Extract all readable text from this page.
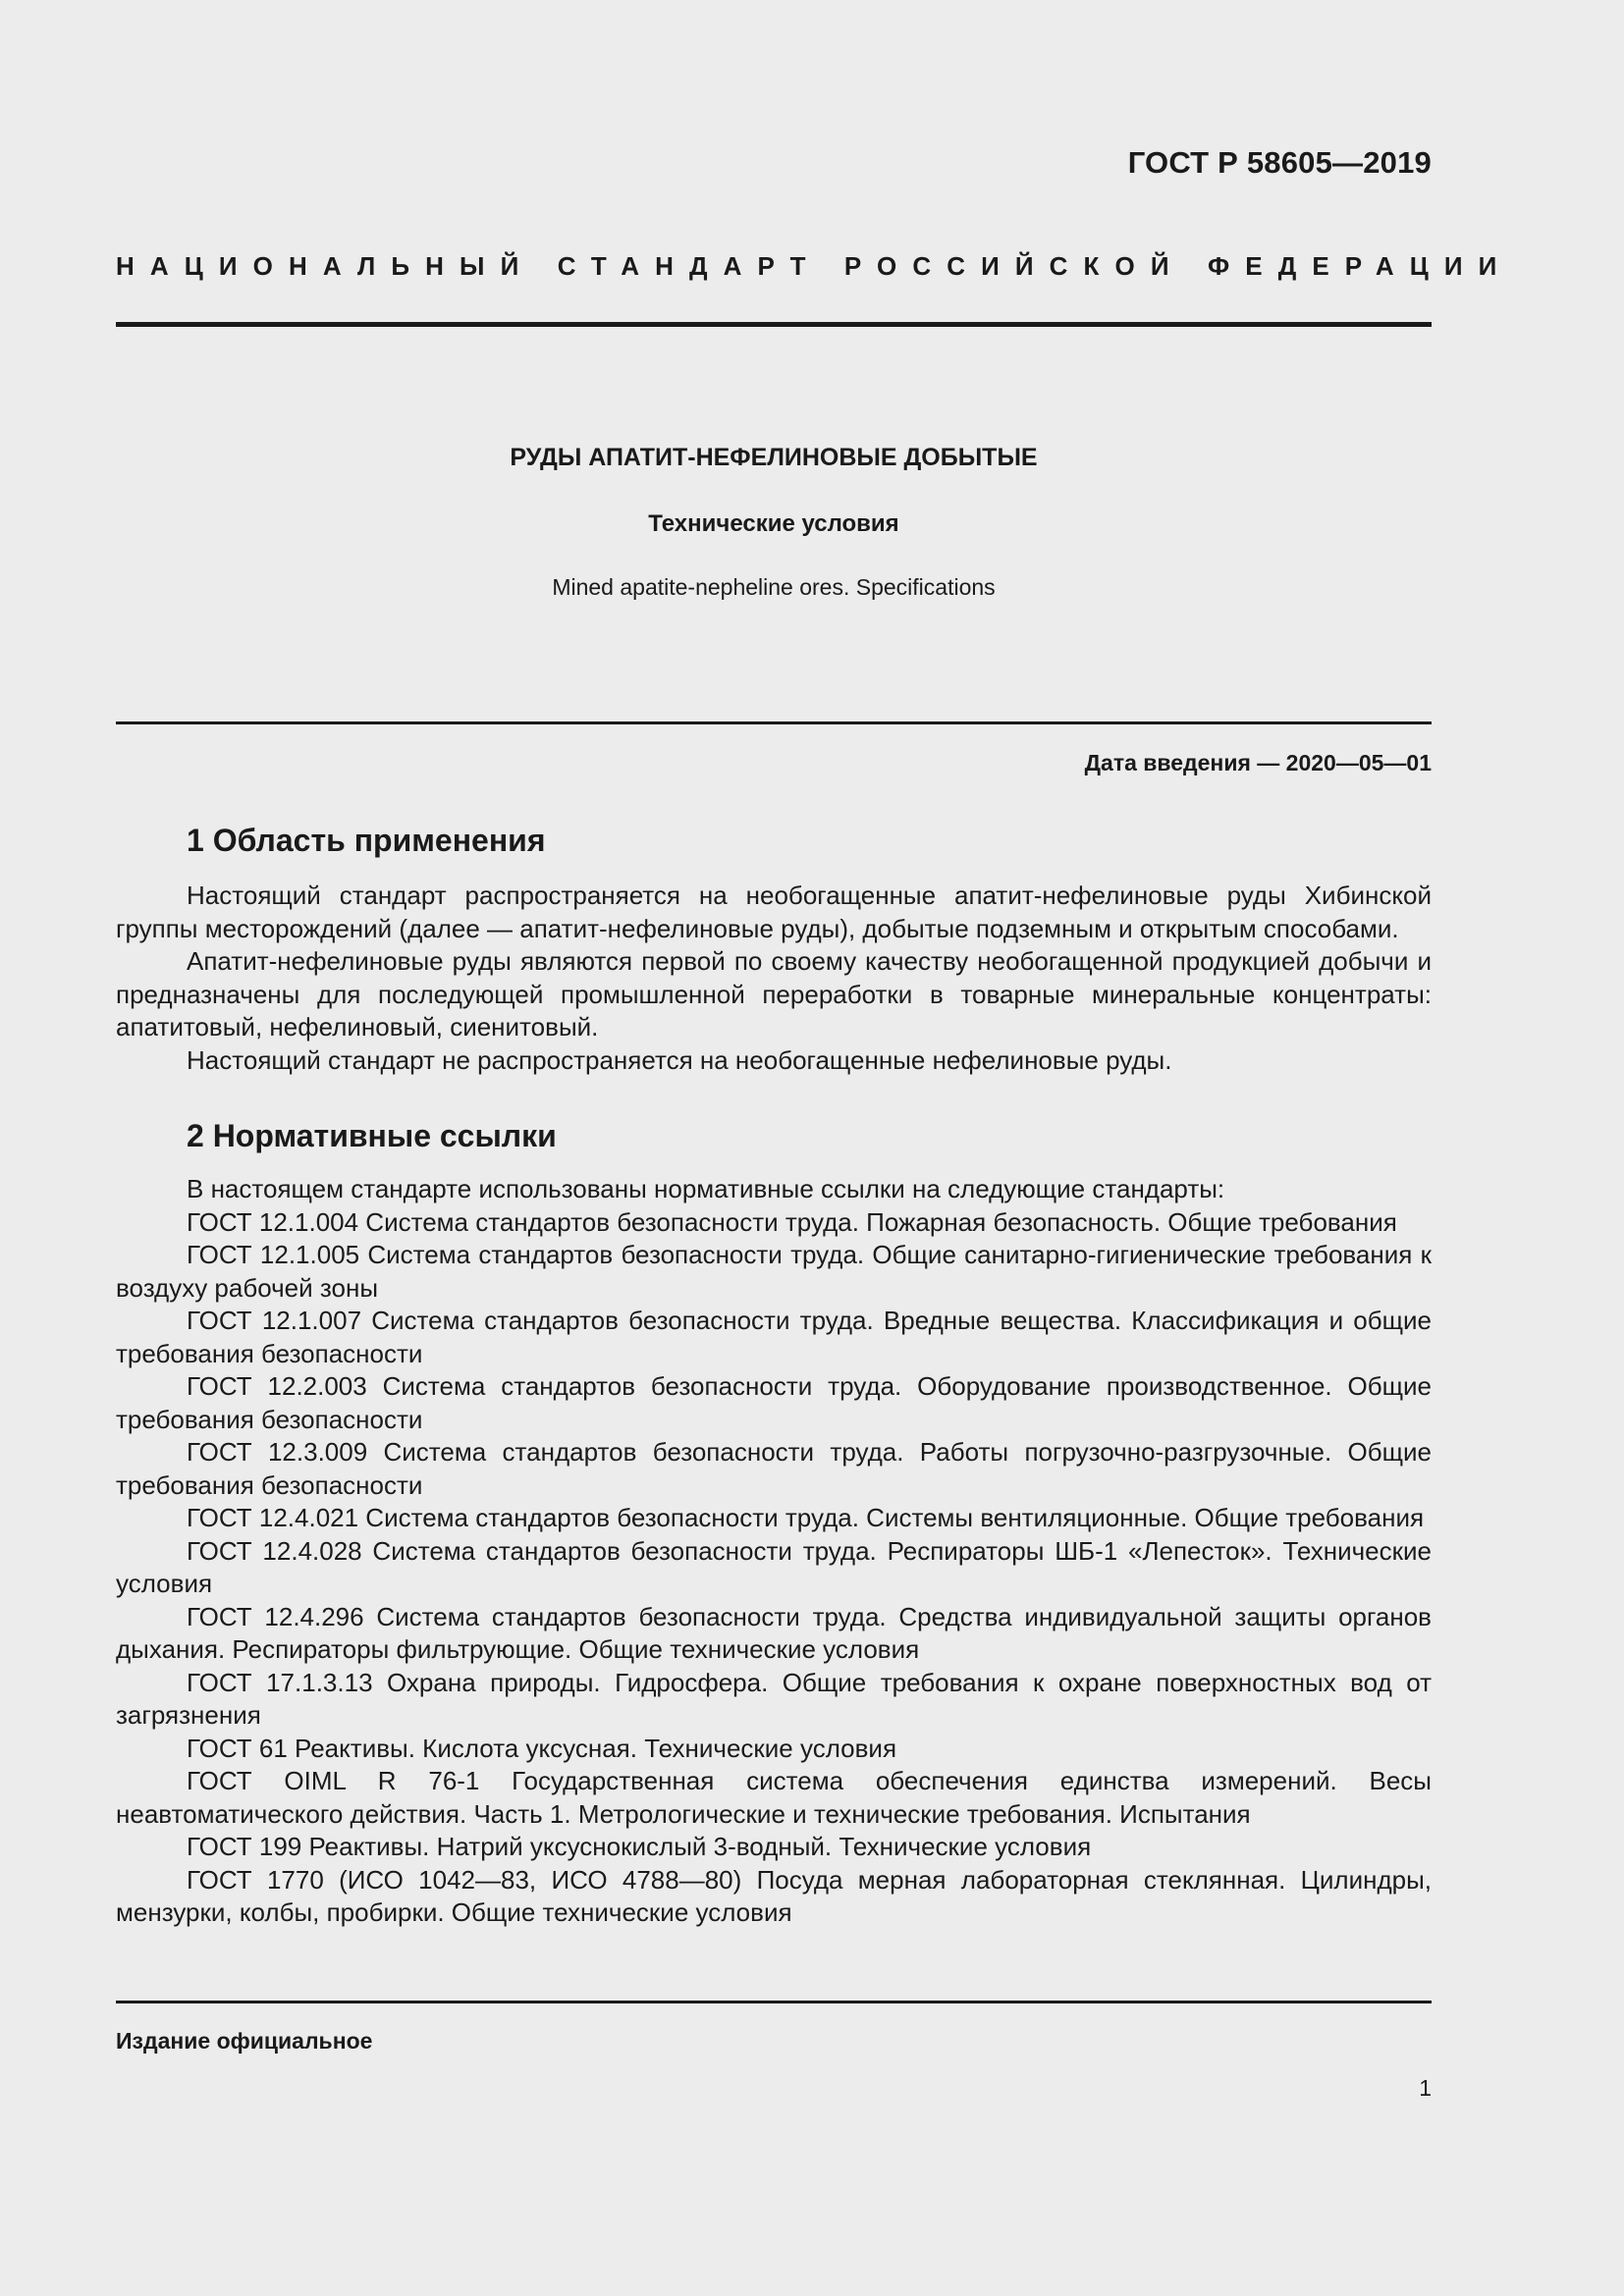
ГОСТ Р 58605—2019
НАЦИОНАЛЬНЫЙ СТАНДАРТ РОССИЙСКОЙ ФЕДЕРАЦИИ
РУДЫ АПАТИТ-НЕФЕЛИНОВЫЕ ДОБЫТЫЕ
Технические условия
Mined apatite-nepheline ores. Specifications
Дата введения — 2020—05—01
1 Область применения

Настоящий стандарт распространяется на необогащенные апатит-нефелиновые руды Хибинской группы месторождений (далее — апатит-нефелиновые руды), добытые подземным и открытым способами.

Апатит-нефелиновые руды являются первой по своему качеству необогащенной продукцией добычи и предназначены для последующей промышленной переработки в товарные минеральные концентраты: апатитовый, нефелиновый, сиенитовый.

Настоящий стандарт не распространяется на необогащенные нефелиновые руды.

2 Нормативные ссылки

В настоящем стандарте использованы нормативные ссылки на следующие стандарты:

ГОСТ 12.1.004 Система стандартов безопасности труда. Пожарная безопасность. Общие требования

ГОСТ 12.1.005 Система стандартов безопасности труда. Общие санитарно-гигиенические требования к воздуху рабочей зоны

ГОСТ 12.1.007 Система стандартов безопасности труда. Вредные вещества. Классификация и общие требования безопасности

ГОСТ 12.2.003 Система стандартов безопасности труда. Оборудование производственное. Общие требования безопасности

ГОСТ 12.3.009 Система стандартов безопасности труда. Работы погрузочно-разгрузочные. Общие требования безопасности

ГОСТ 12.4.021 Система стандартов безопасности труда. Системы вентиляционные. Общие требования

ГОСТ 12.4.028 Система стандартов безопасности труда. Респираторы ШБ-1 «Лепесток». Технические условия

ГОСТ 12.4.296 Система стандартов безопасности труда. Средства индивидуальной защиты органов дыхания. Респираторы фильтрующие. Общие технические условия

ГОСТ 17.1.3.13 Охрана природы. Гидросфера. Общие требования к охране поверхностных вод от загрязнения

ГОСТ 61 Реактивы. Кислота уксусная. Технические условия

ГОСТ OIML R 76-1 Государственная система обеспечения единства измерений. Весы неавтоматического действия. Часть 1. Метрологические и технические требования. Испытания

ГОСТ 199 Реактивы. Натрий уксуснокислый 3-водный. Технические условия

ГОСТ 1770 (ИСО 1042—83, ИСО 4788—80) Посуда мерная лабораторная стеклянная. Цилиндры, мензурки, колбы, пробирки. Общие технические условия

Издание официальное
1
